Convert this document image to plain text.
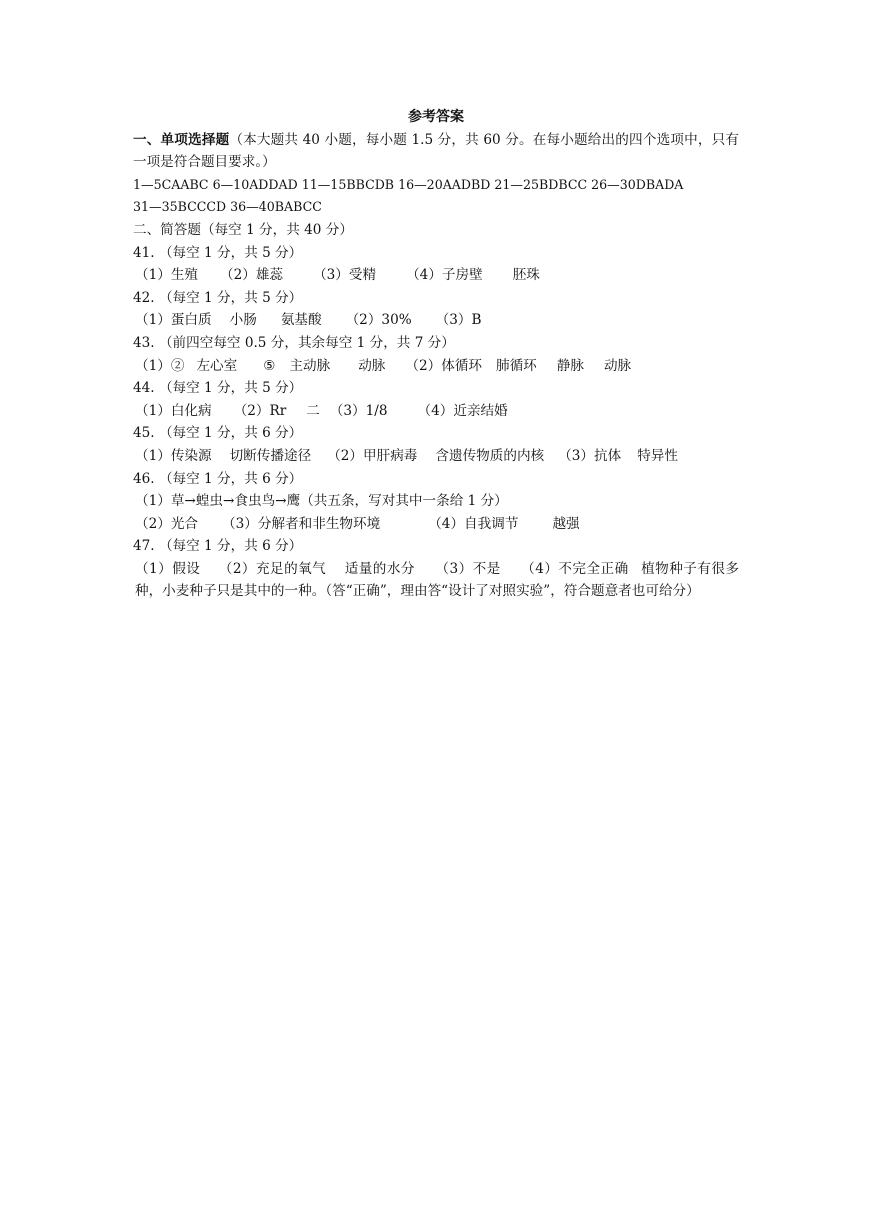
参考答案
一、单项选择题（本大题共 40 小题，每小题 1.5 分，共 60 分。在每小题给出的四个选项中，只有一项是符合题目要求。）
1—5CAABC 6—10ADDAD 11—15BBCDB 16—20AADBD 21—25BDBCC 26—30DBADA
31—35BCCCD 36—40BABCC
二、简答题（每空 1 分，共 40 分）
41. （每空 1 分，共 5 分）
（1）生殖 （2）雄蕊 （3）受精 （4）子房壁 胚珠
42. （每空 1 分，共 5 分）
（1）蛋白质 小肠 氨基酸 （2）30% （3）B
43. （前四空每空 0.5 分，其余每空 1 分，共 7 分）
（1）② 左心室 ⑤ 主动脉 动脉 （2）体循环 肺循环 静脉 动脉
44. （每空 1 分，共 5 分）
（1）白化病 （2）Rr 二 （3）1/8 （4）近亲结婚
45. （每空 1 分，共 6 分）
（1）传染源 切断传播途径 （2）甲肝病毒 含遗传物质的内核 （3）抗体 特异性
46. （每空 1 分，共 6 分）
（1）草→蝗虫→食虫鸟→鹰（共五条，写对其中一条给 1 分）
（2）光合 （3）分解者和非生物环境	（4）自我调节	越强
47. （每空 1 分，共 6 分）
（1）假设 （2）充足的氧气 适量的水分 （3）不是 （4）不完全正确 植物种子有很多种，小麦种子只是其中的一种。（答“正确”，理由答“设计了对照实验”，符合题意者也可给分）
